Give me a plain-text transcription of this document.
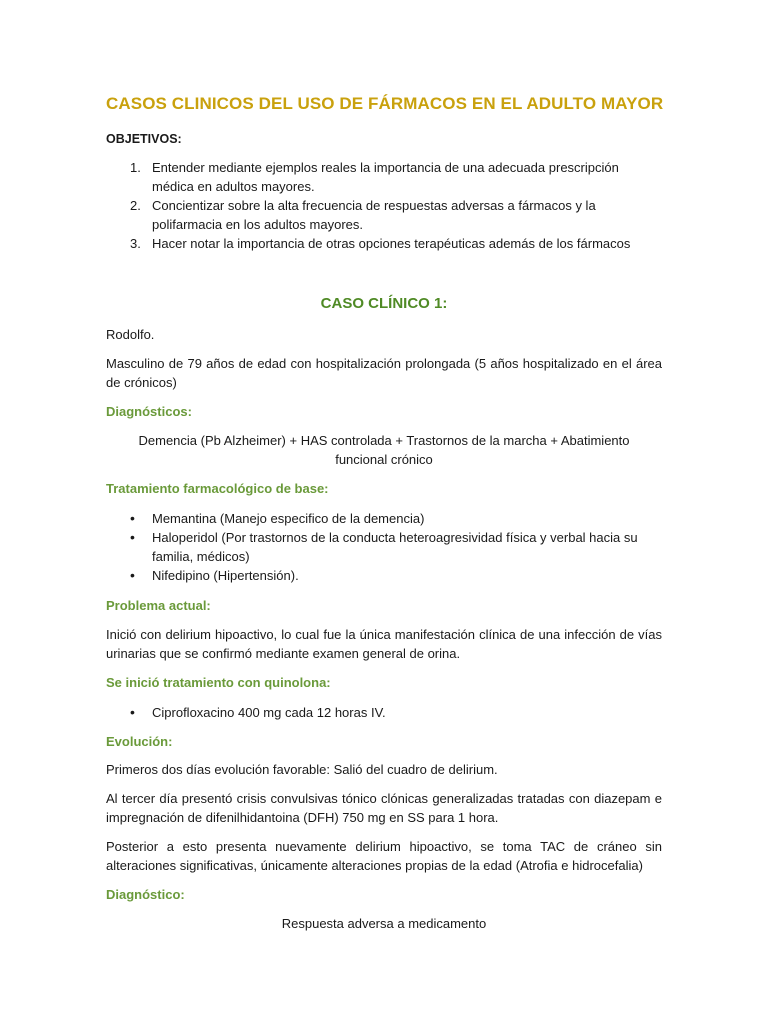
CASOS CLINICOS DEL USO DE FÁRMACOS EN EL ADULTO MAYOR
OBJETIVOS:
1. Entender mediante ejemplos reales la importancia de una adecuada prescripción médica en adultos mayores.
2. Concientizar sobre la alta frecuencia de respuestas adversas a fármacos y la polifarmacia en los adultos mayores.
3. Hacer notar la importancia de otras opciones terapéuticas además de los fármacos
CASO CLÍNICO 1:
Rodolfo.
Masculino de 79 años de edad con hospitalización prolongada (5 años hospitalizado en el área de crónicos)
Diagnósticos:
Demencia (Pb Alzheimer) + HAS controlada + Trastornos de la marcha + Abatimiento funcional crónico
Tratamiento farmacológico de base:
• Memantina (Manejo especifico de la demencia)
• Haloperidol (Por trastornos de la conducta heteroagresividad física y verbal hacia su familia, médicos)
• Nifedipino (Hipertensión).
Problema actual:
Inició con delirium hipoactivo, lo cual fue la única manifestación clínica de una infección de vías urinarias que se confirmó mediante examen general de orina.
Se inició tratamiento con quinolona:
• Ciprofloxacino 400 mg cada 12 horas IV.
Evolución:
Primeros dos días evolución favorable: Salió del cuadro de delirium.
Al tercer día presentó crisis convulsivas tónico clónicas generalizadas tratadas con diazepam e impregnación de difenilhidantoina (DFH) 750 mg en SS para 1 hora.
Posterior a esto presenta nuevamente delirium hipoactivo, se toma TAC de cráneo sin alteraciones significativas, únicamente alteraciones propias de la edad (Atrofia e hidrocefalia)
Diagnóstico:
Respuesta adversa a medicamento
